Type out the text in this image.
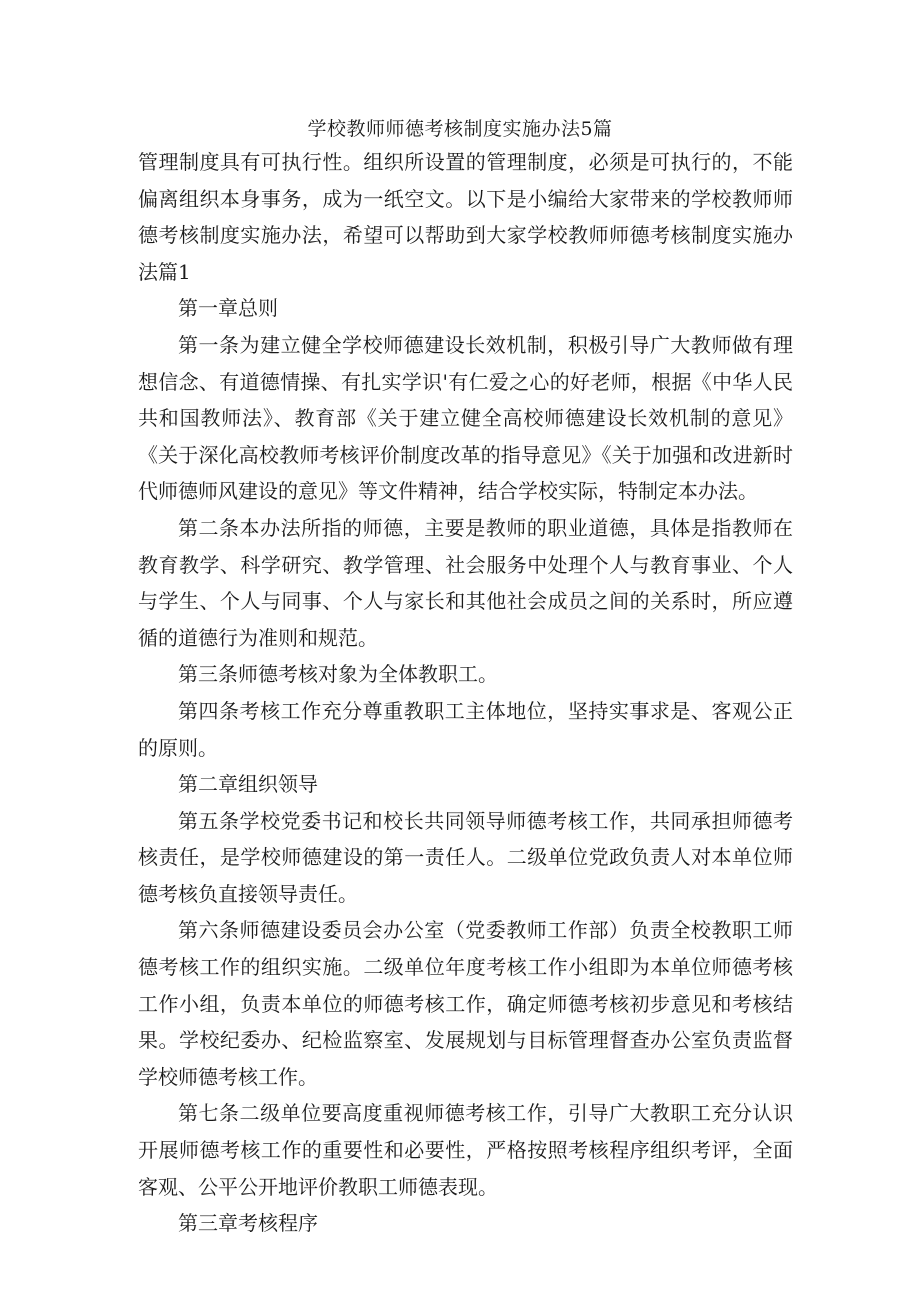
学校教师师德考核制度实施办法5篇

管理制度具有可执行性。组织所设置的管理制度，必须是可执行的，不能偏离组织本身事务，成为一纸空文。以下是小编给大家带来的学校教师师德考核制度实施办法，希望可以帮助到大家学校教师师德考核制度实施办法篇1

第一章总则

第一条为建立健全学校师德建设长效机制，积极引导广大教师做有理想信念、有道德情操、有扎实学识'有仁爱之心的好老师，根据《中华人民共和国教师法》、教育部《关于建立健全高校师德建设长效机制的意见》《关于深化高校教师考核评价制度改革的指导意见》《关于加强和改进新时代师德师风建设的意见》等文件精神，结合学校实际，特制定本办法。

第二条本办法所指的师德，主要是教师的职业道德，具体是指教师在教育教学、科学研究、教学管理、社会服务中处理个人与教育事业、个人与学生、个人与同事、个人与家长和其他社会成员之间的关系时，所应遵循的道德行为准则和规范。

第三条师德考核对象为全体教职工。

第四条考核工作充分尊重教职工主体地位，坚持实事求是、客观公正的原则。

第二章组织领导

第五条学校党委书记和校长共同领导师德考核工作，共同承担师德考核责任，是学校师德建设的第一责任人。二级单位党政负责人对本单位师德考核负直接领导责任。

第六条师德建设委员会办公室（党委教师工作部）负责全校教职工师德考核工作的组织实施。二级单位年度考核工作小组即为本单位师德考核工作小组，负责本单位的师德考核工作，确定师德考核初步意见和考核结果。学校纪委办、纪检监察室、发展规划与目标管理督查办公室负责监督学校师德考核工作。

第七条二级单位要高度重视师德考核工作，引导广大教职工充分认识开展师德考核工作的重要性和必要性，严格按照考核程序组织考评，全面客观、公平公开地评价教职工师德表现。

第三章考核程序
